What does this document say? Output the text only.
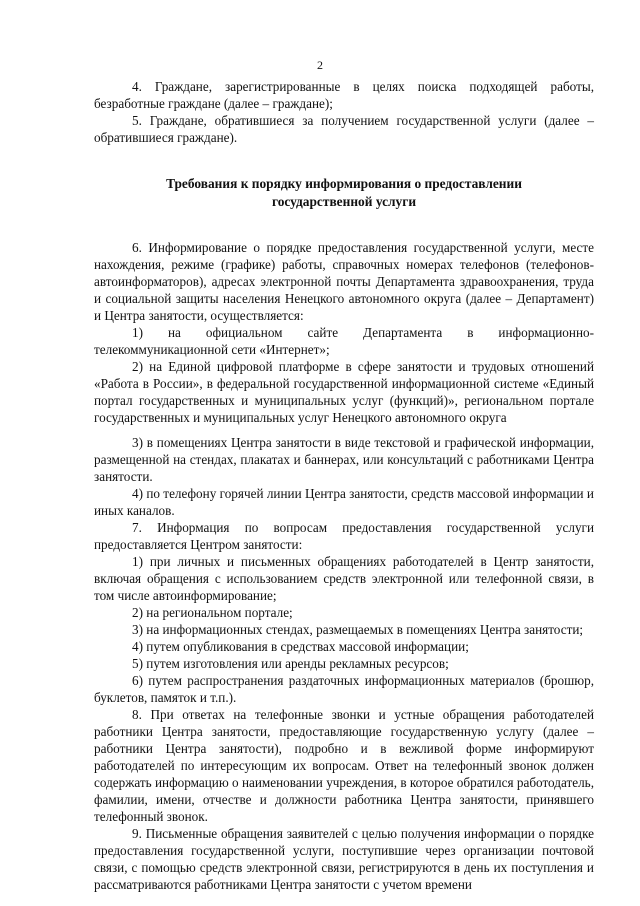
2

4. Граждане, зарегистрированные в целях поиска подходящей работы, безработные граждане (далее – граждане);

5. Граждане, обратившиеся за получением государственной услуги (далее – обратившиеся граждане).

Требования к порядку информирования о предоставлении
государственной услуги

6. Информирование о порядке предоставления государственной услуги, месте нахождения, режиме (графике) работы, справочных номерах телефонов (телефонов-автоинформаторов), адресах электронной почты Департамента здравоохранения, труда и социальной защиты населения Ненецкого автономного округа (далее – Департамент) и Центра занятости, осуществляется:

1) на официальном сайте Департамента в информационно-телекоммуникационной сети «Интернет»;

2) на Единой цифровой платформе в сфере занятости и трудовых отношений «Работа в России», в федеральной государственной информационной системе «Единый портал государственных и муниципальных услуг (функций)», региональном портале государственных и муниципальных услуг Ненецкого автономного округа

3) в помещениях Центра занятости в виде текстовой и графической информации, размещенной на стендах, плакатах и баннерах, или консультаций с работниками Центра занятости.

4) по телефону горячей линии Центра занятости, средств массовой информации и иных каналов.

7. Информация по вопросам предоставления государственной услуги предоставляется Центром занятости:

1) при личных и письменных обращениях работодателей в Центр занятости, включая обращения с использованием средств электронной или телефонной связи, в том числе автоинформирование;

2) на региональном портале;

3) на информационных стендах, размещаемых в помещениях Центра занятости;

4) путем опубликования в средствах массовой информации;

5) путем изготовления или аренды рекламных ресурсов;

6) путем распространения раздаточных информационных материалов (брошюр, буклетов, памяток и т.п.).

8. При ответах на телефонные звонки и устные обращения работодателей работники Центра занятости, предоставляющие государственную услугу (далее – работники Центра занятости), подробно и в вежливой форме информируют работодателей по интересующим их вопросам. Ответ на телефонный звонок должен содержать информацию о наименовании учреждения, в которое обратился работодатель, фамилии, имени, отчестве и должности работника Центра занятости, принявшего телефонный звонок.

9. Письменные обращения заявителей с целью получения информации о порядке предоставления государственной услуги, поступившие через организации почтовой связи, с помощью средств электронной связи, регистрируются в день их поступления и рассматриваются работниками Центра занятости с учетом времени
